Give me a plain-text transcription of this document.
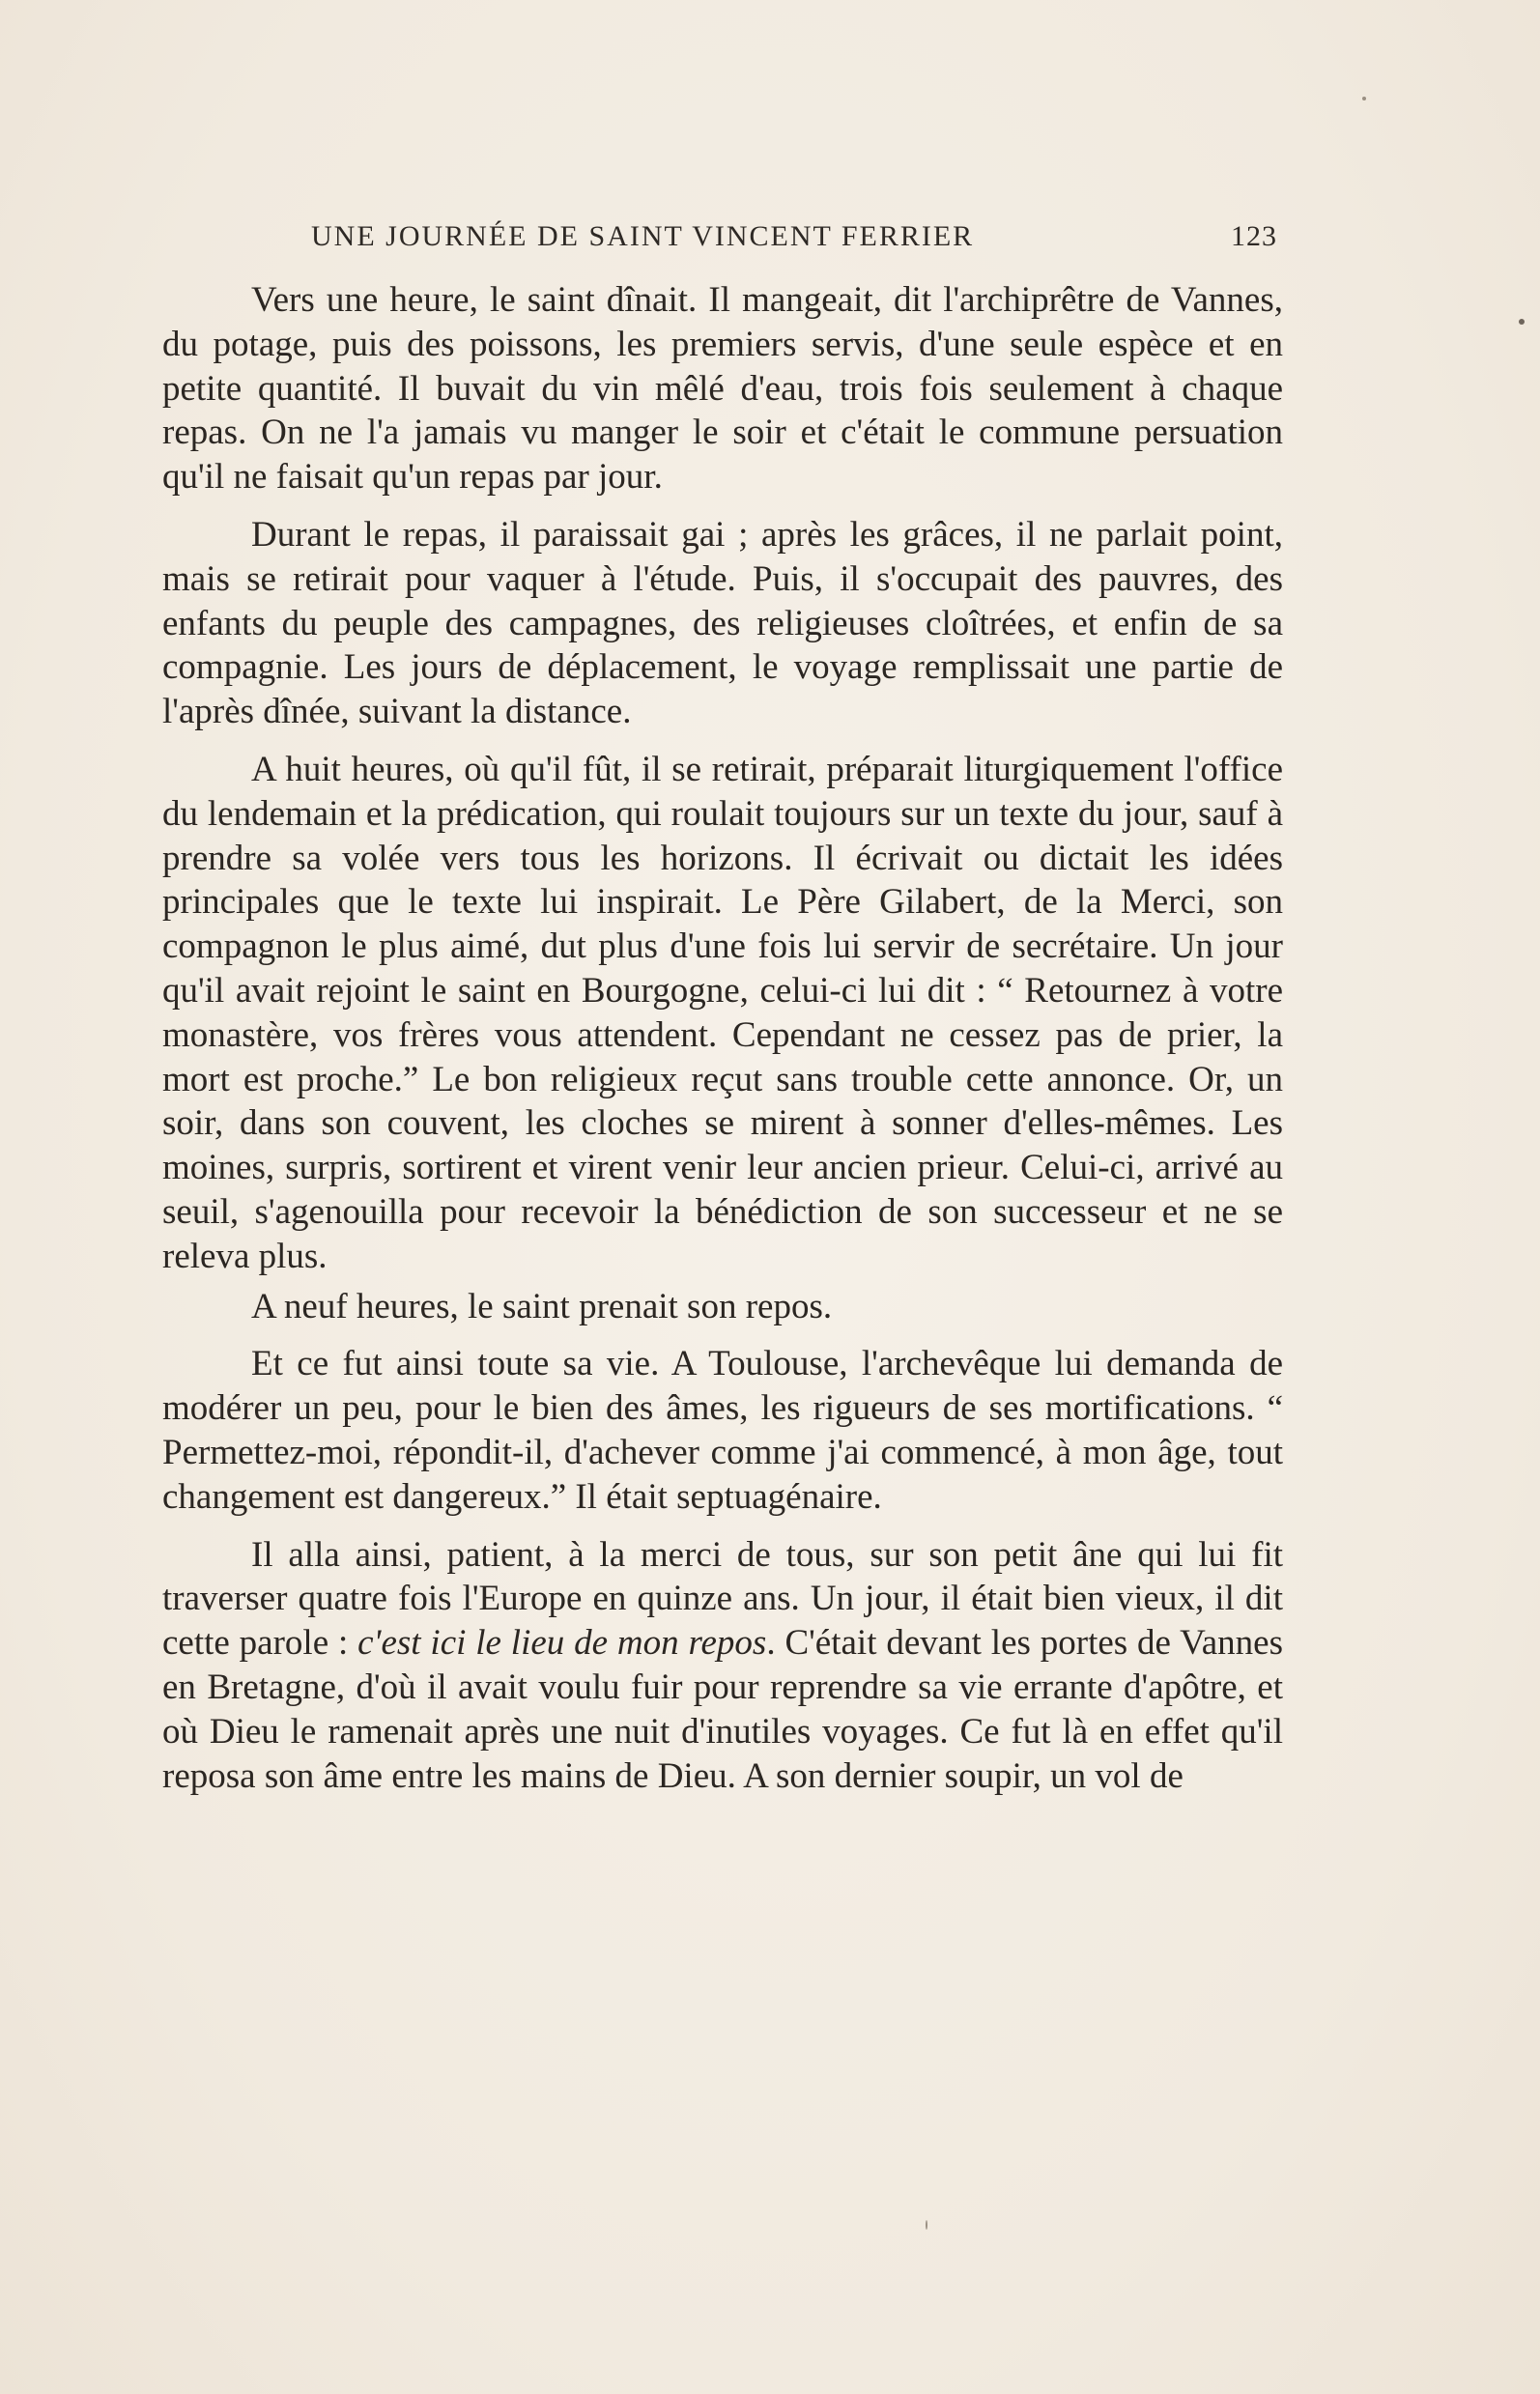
UNE JOURNÉE DE SAINT VINCENT FERRIER	123

Vers une heure, le saint dînait. Il mangeait, dit l'archiprêtre de Vannes, du potage, puis des poissons, les premiers servis, d'une seule espèce et en petite quantité. Il buvait du vin mêlé d'eau, trois fois seulement à chaque repas. On ne l'a jamais vu manger le soir et c'était le commune persuation qu'il ne faisait qu'un repas par jour.

Durant le repas, il paraissait gai ; après les grâces, il ne parlait point, mais se retirait pour vaquer à l'étude. Puis, il s'occupait des pauvres, des enfants du peuple des campagnes, des religieuses cloîtrées, et enfin de sa compagnie. Les jours de déplacement, le voyage remplissait une partie de l'après dînée, suivant la distance.

A huit heures, où qu'il fût, il se retirait, préparait liturgiquement l'office du lendemain et la prédication, qui roulait toujours sur un texte du jour, sauf à prendre sa volée vers tous les horizons. Il écrivait ou dictait les idées principales que le texte lui inspirait. Le Père Gilabert, de la Merci, son compagnon le plus aimé, dut plus d'une fois lui servir de secrétaire. Un jour qu'il avait rejoint le saint en Bourgogne, celui-ci lui dit : “ Retournez à votre monastère, vos frères vous attendent. Cependant ne cessez pas de prier, la mort est proche.” Le bon religieux reçut sans trouble cette annonce. Or, un soir, dans son couvent, les cloches se mirent à sonner d'elles-mêmes. Les moines, surpris, sortirent et virent venir leur ancien prieur. Celui-ci, arrivé au seuil, s'agenouilla pour recevoir la bénédiction de son successeur et ne se releva plus.

A neuf heures, le saint prenait son repos.

Et ce fut ainsi toute sa vie. A Toulouse, l'archevêque lui demanda de modérer un peu, pour le bien des âmes, les rigueurs de ses mortifications. “ Permettez-moi, répondit-il, d'achever comme j'ai commencé, à mon âge, tout changement est dangereux.” Il était septuagénaire.

Il alla ainsi, patient, à la merci de tous, sur son petit âne qui lui fit traverser quatre fois l'Europe en quinze ans. Un jour, il était bien vieux, il dit cette parole : c'est ici le lieu de mon repos. C'était devant les portes de Vannes en Bretagne, d'où il avait voulu fuir pour reprendre sa vie errante d'apôtre, et où Dieu le ramenait après une nuit d'inutiles voyages. Ce fut là en effet qu'il reposa son âme entre les mains de Dieu. A son dernier soupir, un vol de
